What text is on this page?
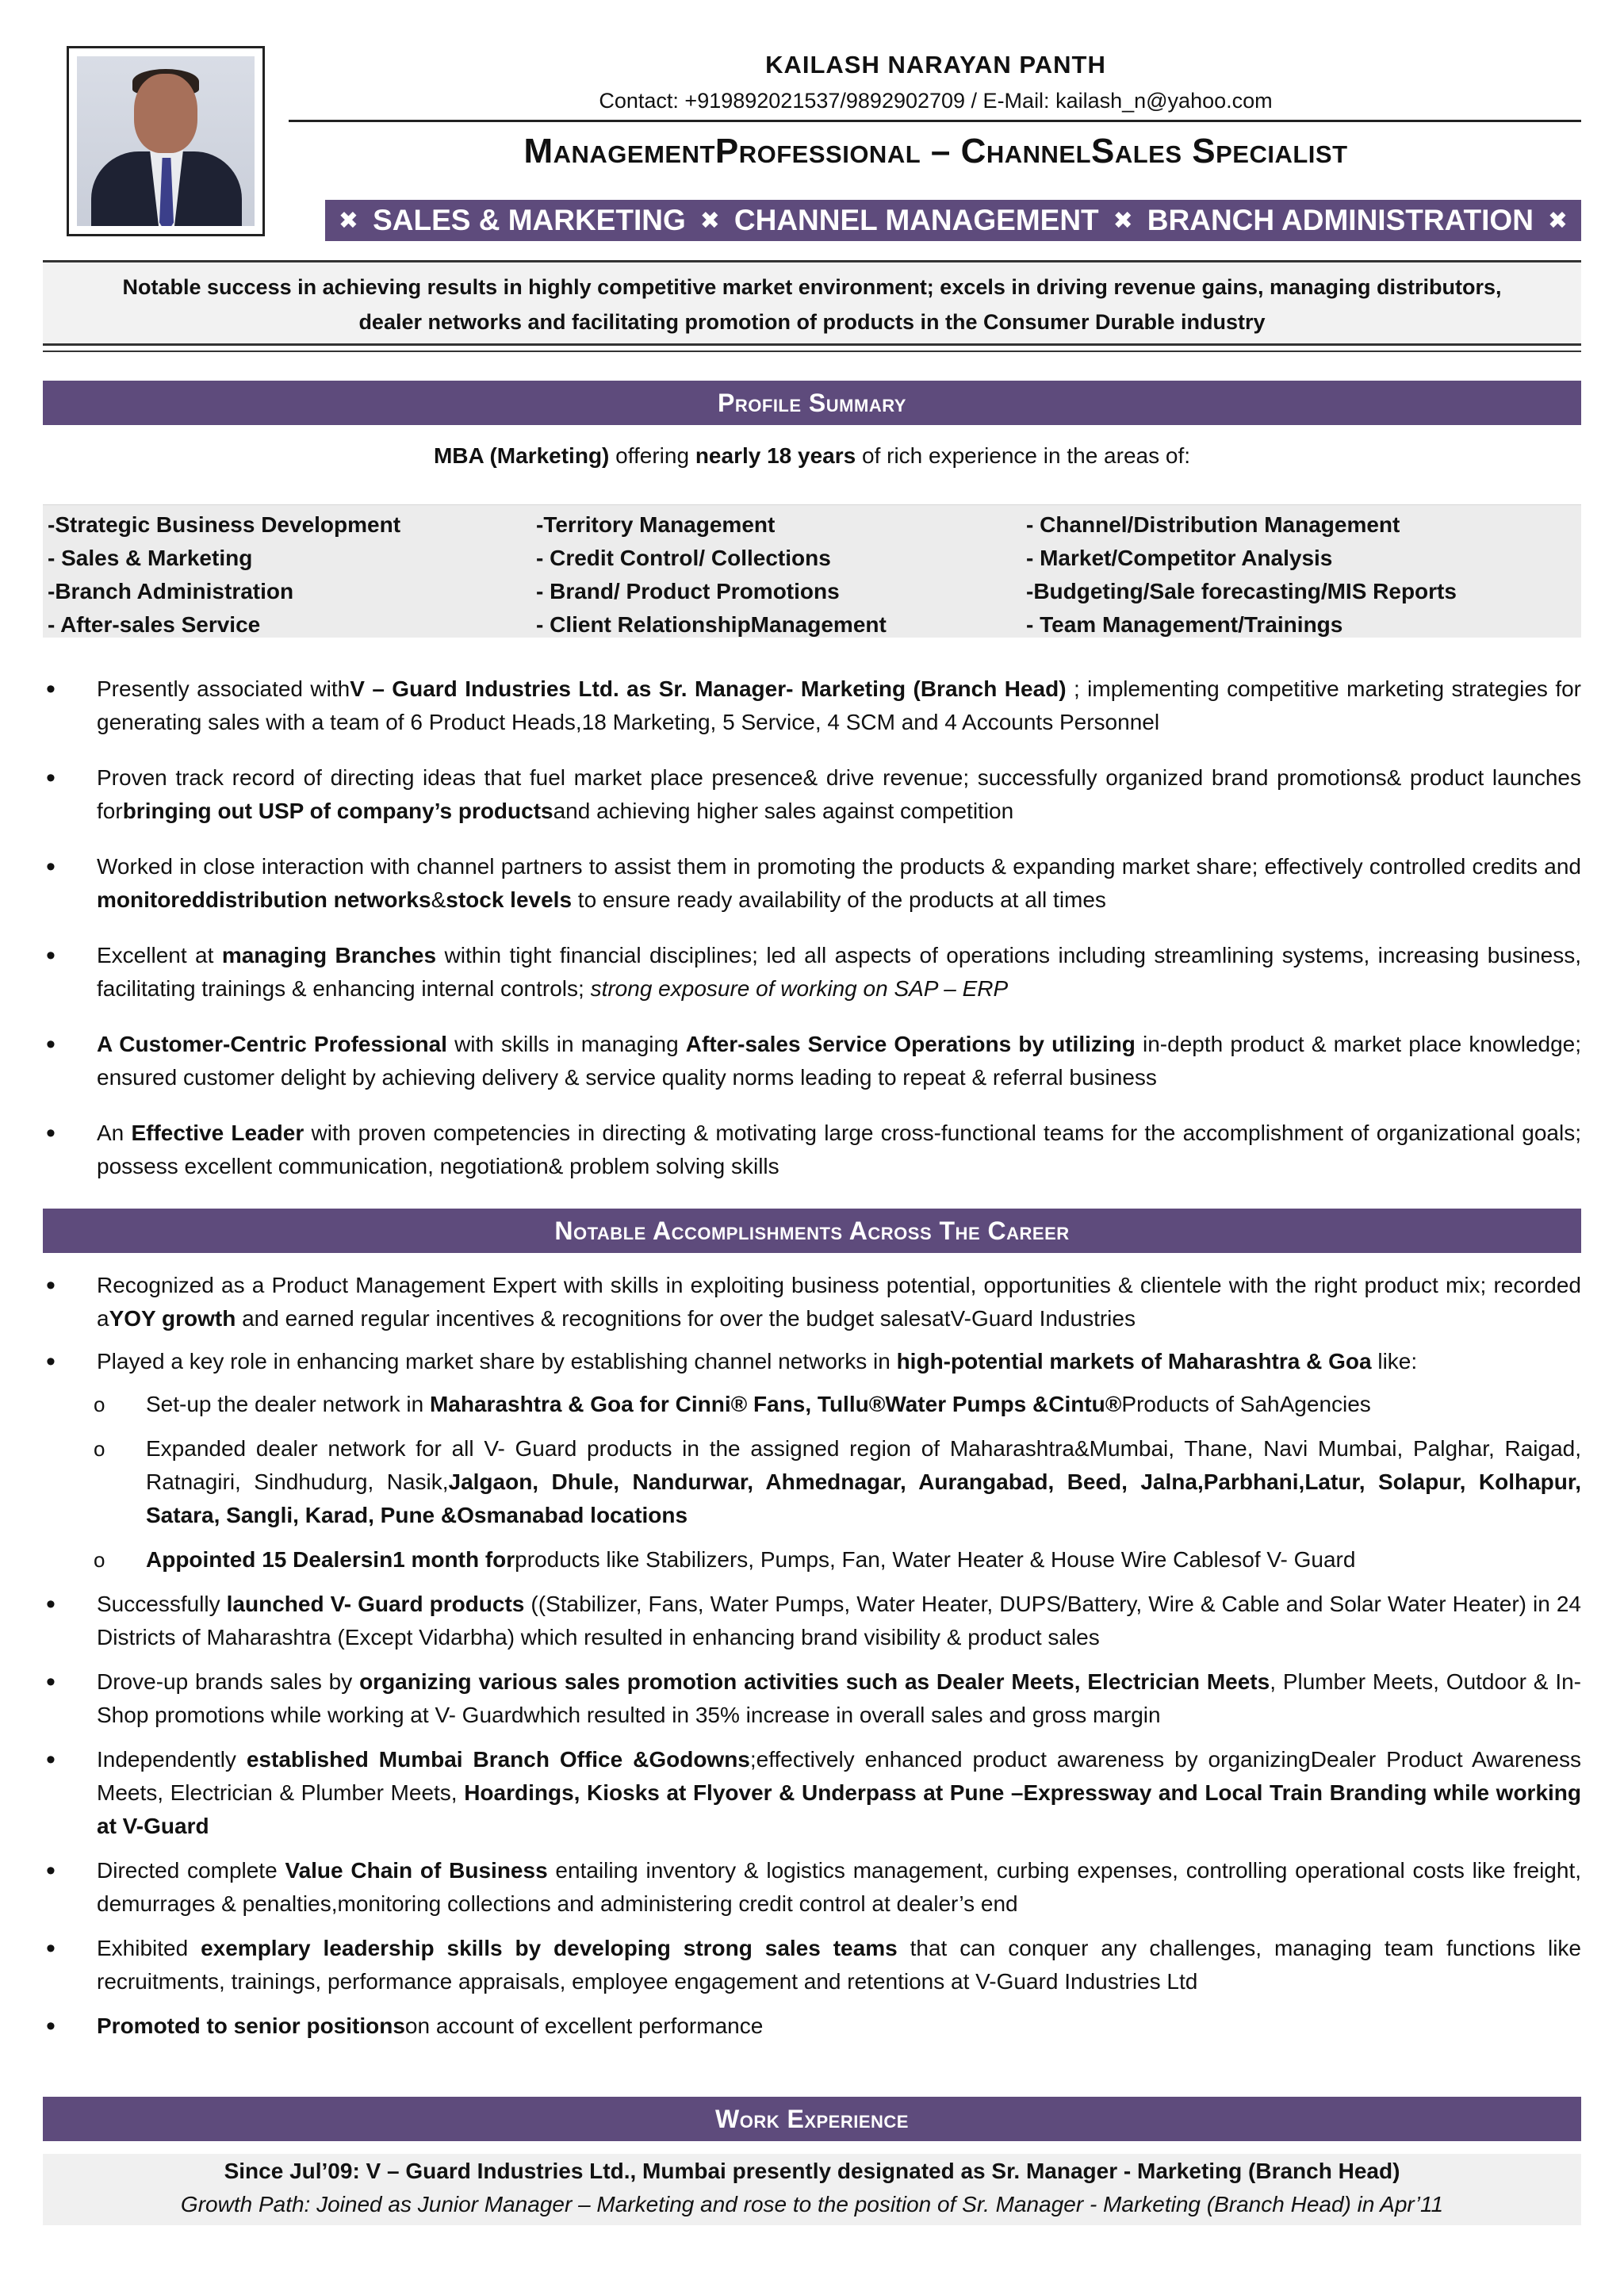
KAILASH NARAYAN PANTH
Contact: +919892021537/9892902709 / E-Mail: kailash_n@yahoo.com
ManagementProfessional – ChannelSales Specialist
✖ SALES & MARKETING ✖ CHANNEL MANAGEMENT ✖ BRANCH ADMINISTRATION ✖
Notable success in achieving results in highly competitive market environment; excels in driving revenue gains, managing distributors,
dealer networks and facilitating promotion of products in the Consumer Durable industry
Profile Summary
MBA (Marketing) offering nearly 18 years of rich experience in the areas of:
-Strategic Business Development
- Sales & Marketing
-Branch Administration
- After-sales Service
-Territory Management
- Credit Control/ Collections
- Brand/ Product Promotions
- Client RelationshipManagement
- Channel/Distribution Management
- Market/Competitor Analysis
-Budgeting/Sale forecasting/MIS Reports
- Team Management/Trainings
• Presently associated withV – Guard Industries Ltd. as Sr. Manager- Marketing (Branch Head) ; implementing competitive marketing strategies for generating sales with a team of 6 Product Heads,18 Marketing, 5 Service, 4 SCM and 4 Accounts Personnel
• Proven track record of directing ideas that fuel market place presence& drive revenue; successfully organized brand promotions& product launches forbringing out USP of company’s productsand achieving higher sales against competition
• Worked in close interaction with channel partners to assist them in promoting the products & expanding market share; effectively controlled credits and monitoreddistribution networks&stock levels to ensure ready availability of the products at all times
• Excellent at managing Branches within tight financial disciplines; led all aspects of operations including streamlining systems, increasing business, facilitating trainings & enhancing internal controls; strong exposure of working on SAP – ERP
• A Customer-Centric Professional with skills in managing After-sales Service Operations by utilizing in-depth product & market place knowledge; ensured customer delight by achieving delivery & service quality norms leading to repeat & referral business
• An Effective Leader with proven competencies in directing & motivating large cross-functional teams for the accomplishment of organizational goals; possess excellent communication, negotiation& problem solving skills
Notable Accomplishments Across The Career
• Recognized as a Product Management Expert with skills in exploiting business potential, opportunities & clientele with the right product mix; recorded aYOY growth and earned regular incentives & recognitions for over the budget salesatV-Guard Industries
• Played a key role in enhancing market share by establishing channel networks in high-potential markets of Maharashtra & Goa like:
o Set-up the dealer network in Maharashtra & Goa for Cinni® Fans, Tullu®Water Pumps &Cintu®Products of SahAgencies
o Expanded dealer network for all V- Guard products in the assigned region of Maharashtra&Mumbai, Thane, Navi Mumbai, Palghar, Raigad, Ratnagiri, Sindhudurg, Nasik,Jalgaon, Dhule, Nandurwar, Ahmednagar, Aurangabad, Beed, Jalna,Parbhani,Latur, Solapur, Kolhapur, Satara, Sangli, Karad, Pune &Osmanabad locations
o Appointed 15 Dealersin1 month forproducts like Stabilizers, Pumps, Fan, Water Heater & House Wire Cablesof V- Guard
• Successfully launched V- Guard products ((Stabilizer, Fans, Water Pumps, Water Heater, DUPS/Battery, Wire & Cable and Solar Water Heater) in 24 Districts of Maharashtra (Except Vidarbha) which resulted in enhancing brand visibility & product sales
• Drove-up brands sales by organizing various sales promotion activities such as Dealer Meets, Electrician Meets, Plumber Meets, Outdoor & In-Shop promotions while working at V- Guardwhich resulted in 35% increase in overall sales and gross margin
• Independently established Mumbai Branch Office &Godowns;effectively enhanced product awareness by organizingDealer Product Awareness Meets, Electrician & Plumber Meets, Hoardings, Kiosks at Flyover & Underpass at Pune –Expressway and Local Train Branding while working at V-Guard
• Directed complete Value Chain of Business entailing inventory & logistics management, curbing expenses, controlling operational costs like freight, demurrages & penalties,monitoring collections and administering credit control at dealer’s end
• Exhibited exemplary leadership skills by developing strong sales teams that can conquer any challenges, managing team functions like recruitments, trainings, performance appraisals, employee engagement and retentions at V-Guard Industries Ltd
• Promoted to senior positionson account of excellent performance
Work Experience
Since Jul’09: V – Guard Industries Ltd., Mumbai presently designated as Sr. Manager - Marketing (Branch Head)
Growth Path: Joined as Junior Manager – Marketing and rose to the position of Sr. Manager - Marketing (Branch Head) in Apr’11
